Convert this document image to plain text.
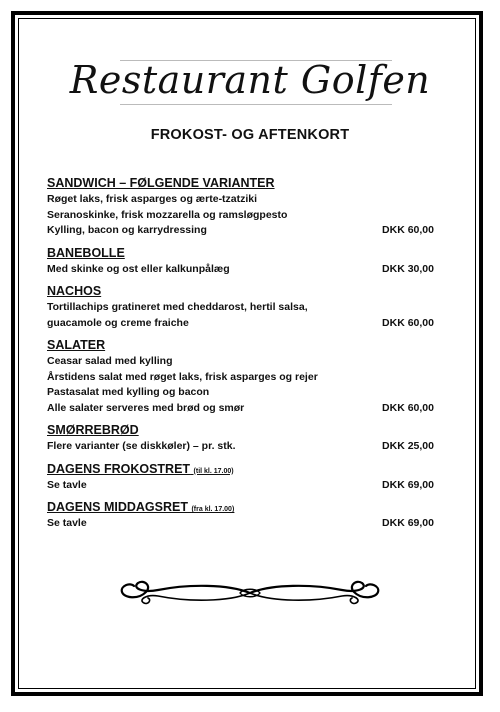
Restaurant Golfen
FROKOST- OG AFTENKORT
SANDWICH – FØLGENDE VARIANTER
Røget laks, frisk asparges og ærte-tzatziki
Seranoskinke, frisk mozzarella og ramsløgpesto
Kylling, bacon og karrydressing	DKK 60,00
BANEBOLLE
Med skinke og ost eller kalkunpålæg	DKK 30,00
NACHOS
Tortillachips gratineret med cheddarost, hertil salsa,
guacamole og creme fraiche	DKK 60,00
SALATER
Ceasar salad med kylling
Årstidens salat med røget laks, frisk asparges og rejer
Pastasalat med kylling og bacon
Alle salater serveres med brød og smør	DKK 60,00
SMØRREBRØD
Flere varianter (se diskkøler) – pr. stk.	DKK 25,00
DAGENS FROKOSTRET (til kl. 17.00)
Se tavle	DKK 69,00
DAGENS MIDDAGSRET (fra kl. 17.00)
Se tavle	DKK 69,00
